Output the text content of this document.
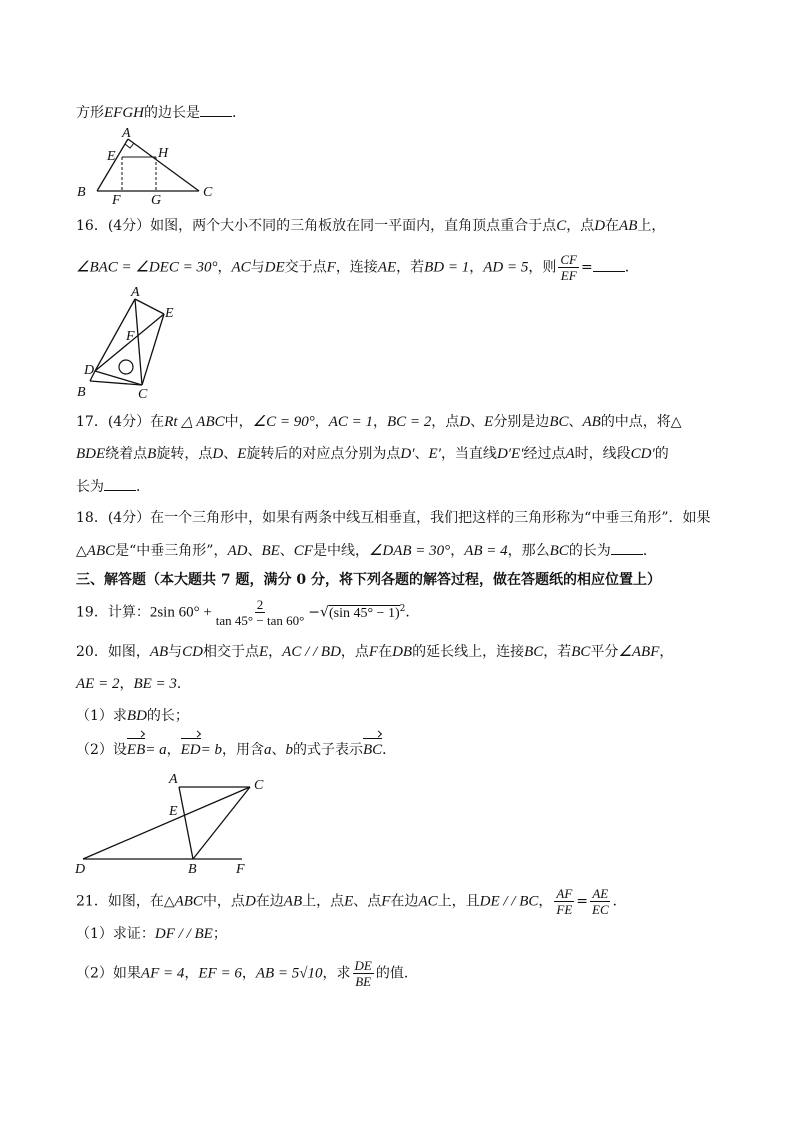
方形EFGH的边长是 ．
A
E	H
B
F G
C
16．(4分）如图，两个大小不同的三角板放在同一平面内，直角顶点重合于点C，点D在AB上，
∠BAC = ∠DEC = 30°，AC与DE交于点F，连接AE，若BD = 1，AD = 5，则 $\frac{CF}{EF}$ = ．
A
E
F
D
B	C
17．(4分）在Rt △ ABC中，∠C = 90°，AC = 1，BC = 2，点D、E分别是边BC、AB的中点，将△
BDE绕着点B旋转，点D、E旋转后的对应点分别为点D′、E′，当直线D′E′经过点A时，线段CD′的
长为 ．
18．(4分）在一个三角形中，如果有两条中线互相垂直，我们把这样的三角形称为“中垂三角形”．如果
△ABC是“中垂三角形”，AD、BE、CF是中线，∠DAB = 30°，AB = 4，那么BC的长为 ．
三、解答题（本大题共 7 题，满分 0 分，将下列各题的解答过程，做在答题纸的相应位置上）
19．计算：2sin $60^\circ + \frac{2}{\tan 45^\circ - \tan 60^\circ} -√(\sin$ 45° − 1)$^2$．
20．如图，AB与CD相交于点E，AC / / BD，点F在DB的延长线上，连接BC，若BC平分∠ABF，
AE = 2，BE = 3．
（1）求BD的长；
（2）设EB= a，ED= b，用含a、b的式子表示BC．
A	C
E
D	B	F
21．如图，在△ABC中，点D在边AB上，点E、点F在边AC上，且DE / / BC， $\frac{AF}{FE} = \frac{AE}{EC}$ ．
（1）求证：DF / / BE；
（2）如果AF = 4，EF = 6，AB = 5√10，求 $\frac{DE}{BE}$ 的值．
